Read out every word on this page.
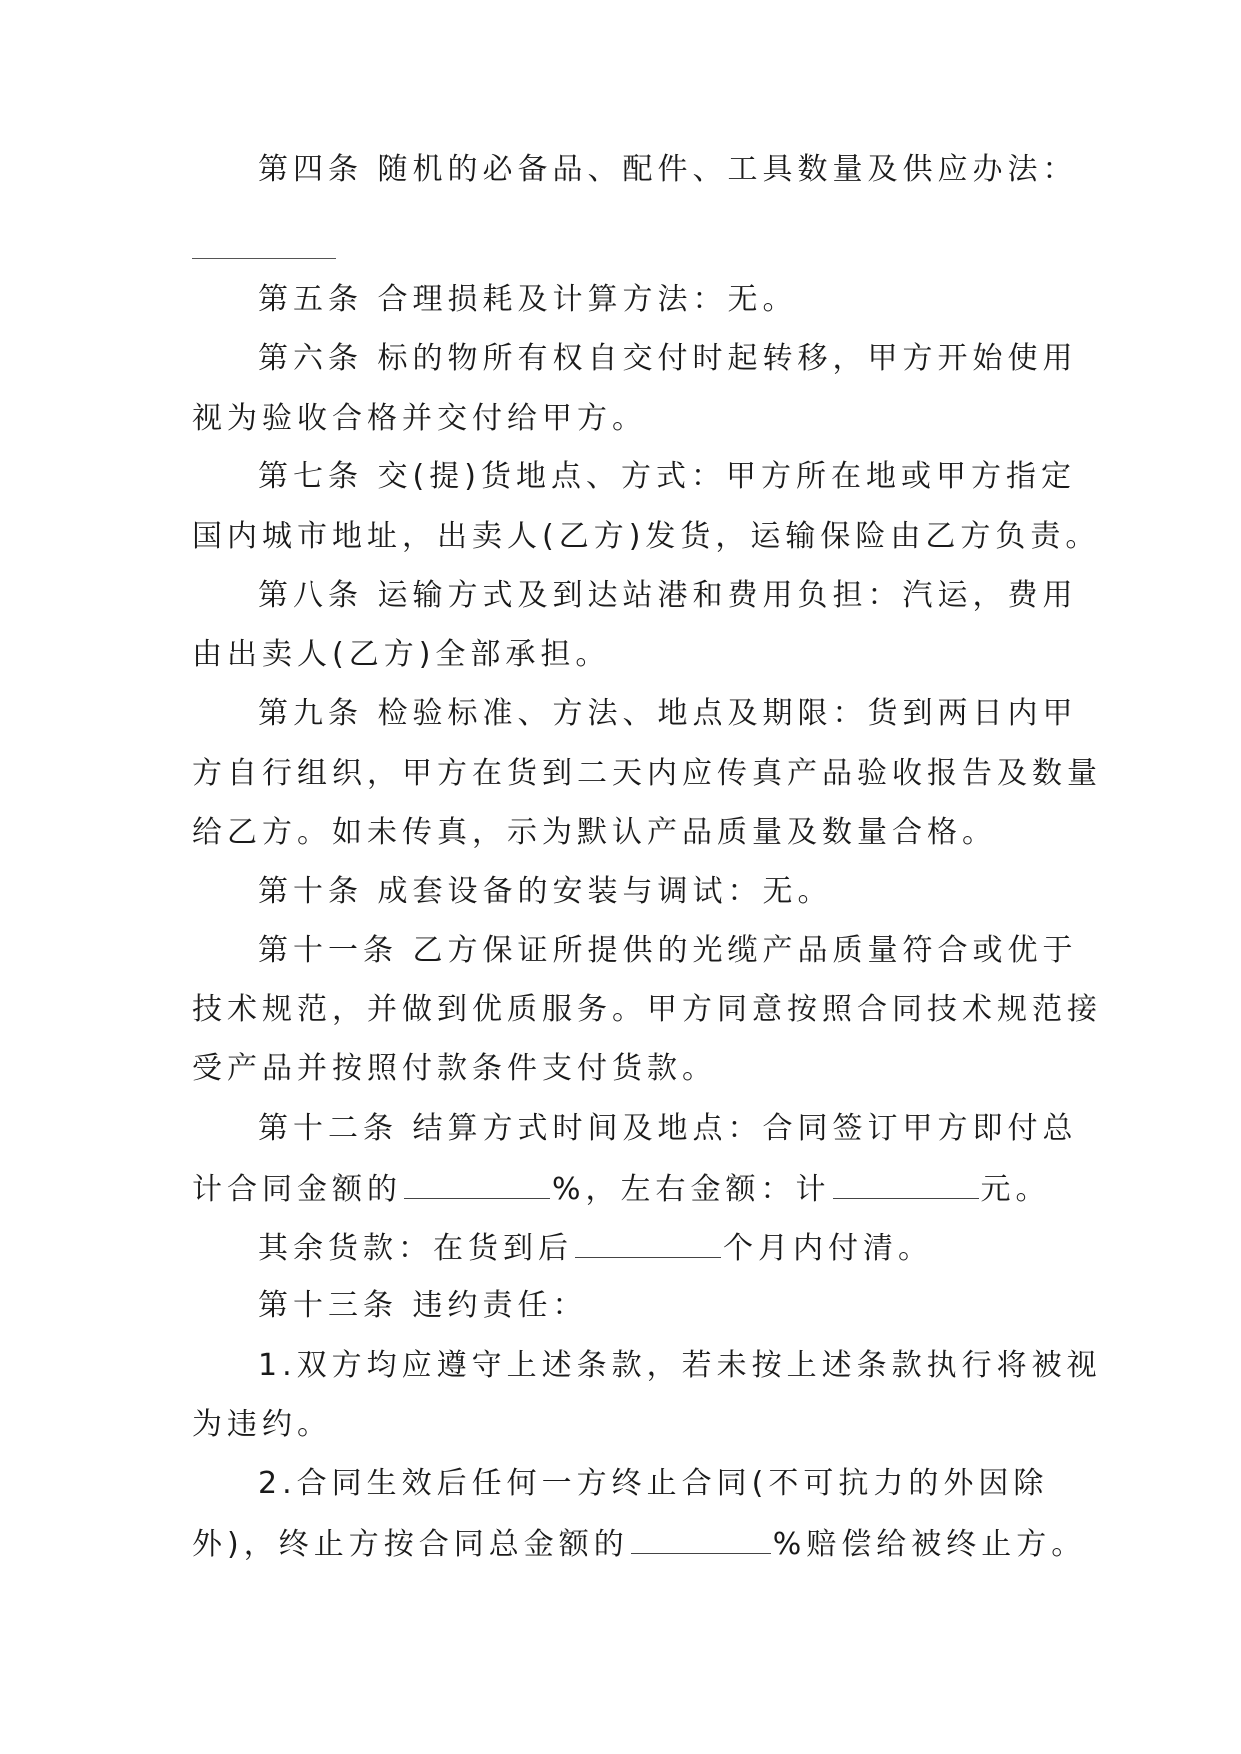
第四条 随机的必备品、配件、工具数量及供应办法：

第五条 合理损耗及计算方法：无。

第六条 标的物所有权自交付时起转移，甲方开始使用

视为验收合格并交付给甲方。

第七条 交(提)货地点、方式：甲方所在地或甲方指定

国内城市地址，出卖人(乙方)发货，运输保险由乙方负责。

第八条 运输方式及到达站港和费用负担：汽运，费用

由出卖人(乙方)全部承担。

第九条 检验标准、方法、地点及期限：货到两日内甲

方自行组织，甲方在货到二天内应传真产品验收报告及数量

给乙方。如未传真，示为默认产品质量及数量合格。

第十条 成套设备的安装与调试：无。

第十一条 乙方保证所提供的光缆产品质量符合或优于

技术规范，并做到优质服务。甲方同意按照合同技术规范接

受产品并按照付款条件支付货款。

第十二条 结算方式时间及地点：合同签订甲方即付总

计合同金额的	%，左右金额：计	元。

其余货款：在货到后	个月内付清。

第十三条 违约责任：

1.双方均应遵守上述条款，若未按上述条款执行将被视

为违约。

2.合同生效后任何一方终止合同(不可抗力的外因除

外)，终止方按合同总金额的	%赔偿给被终止方。
